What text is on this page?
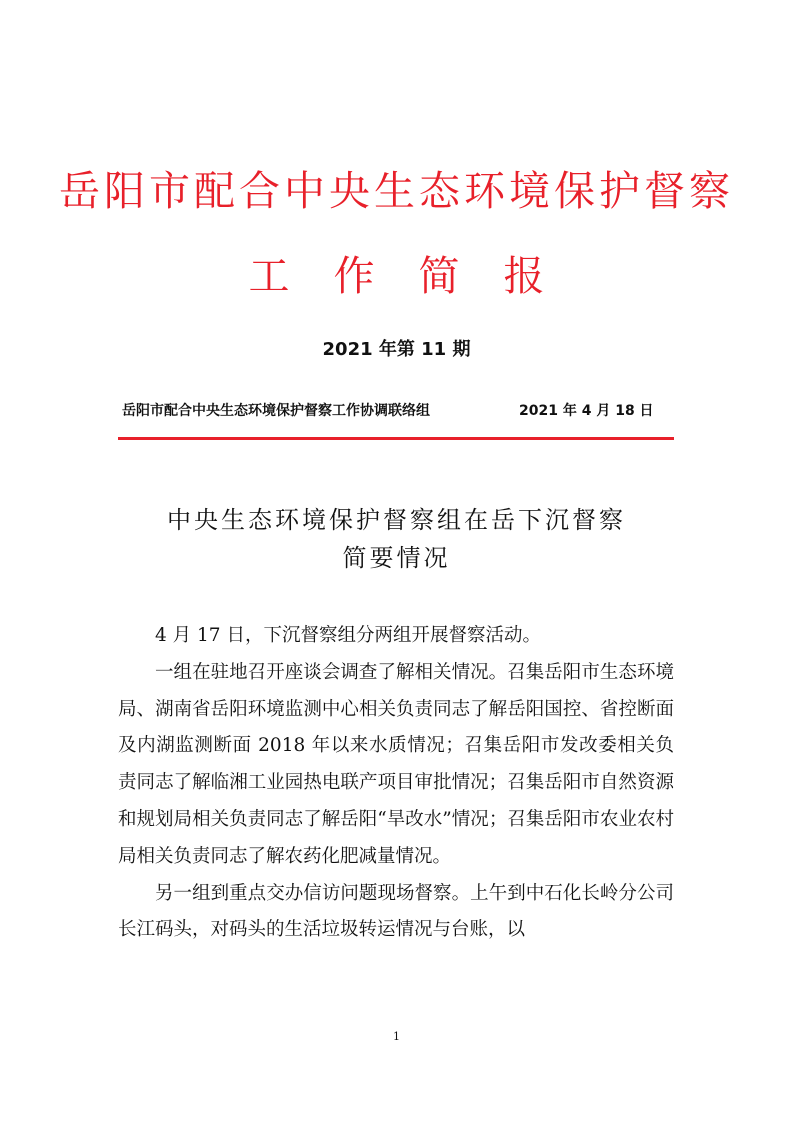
岳阳市配合中央生态环境保护督察
工作简报
2021 年第 11 期
岳阳市配合中央生态环境保护督察工作协调联络组	2021 年 4 月 18 日
中央生态环境保护督察组在岳下沉督察
简要情况

4 月 17 日，下沉督察组分两组开展督察活动。

一组在驻地召开座谈会调查了解相关情况。召集岳阳市生态环境局、湖南省岳阳环境监测中心相关负责同志了解岳阳国控、省控断面及内湖监测断面 2018 年以来水质情况；召集岳阳市发改委相关负责同志了解临湘工业园热电联产项目审批情况；召集岳阳市自然资源和规划局相关负责同志了解岳阳“旱改水”情况；召集岳阳市农业农村局相关负责同志了解农药化肥减量情况。

另一组到重点交办信访问题现场督察。上午到中石化长岭分公司长江码头，对码头的生活垃圾转运情况与台账，以

1
